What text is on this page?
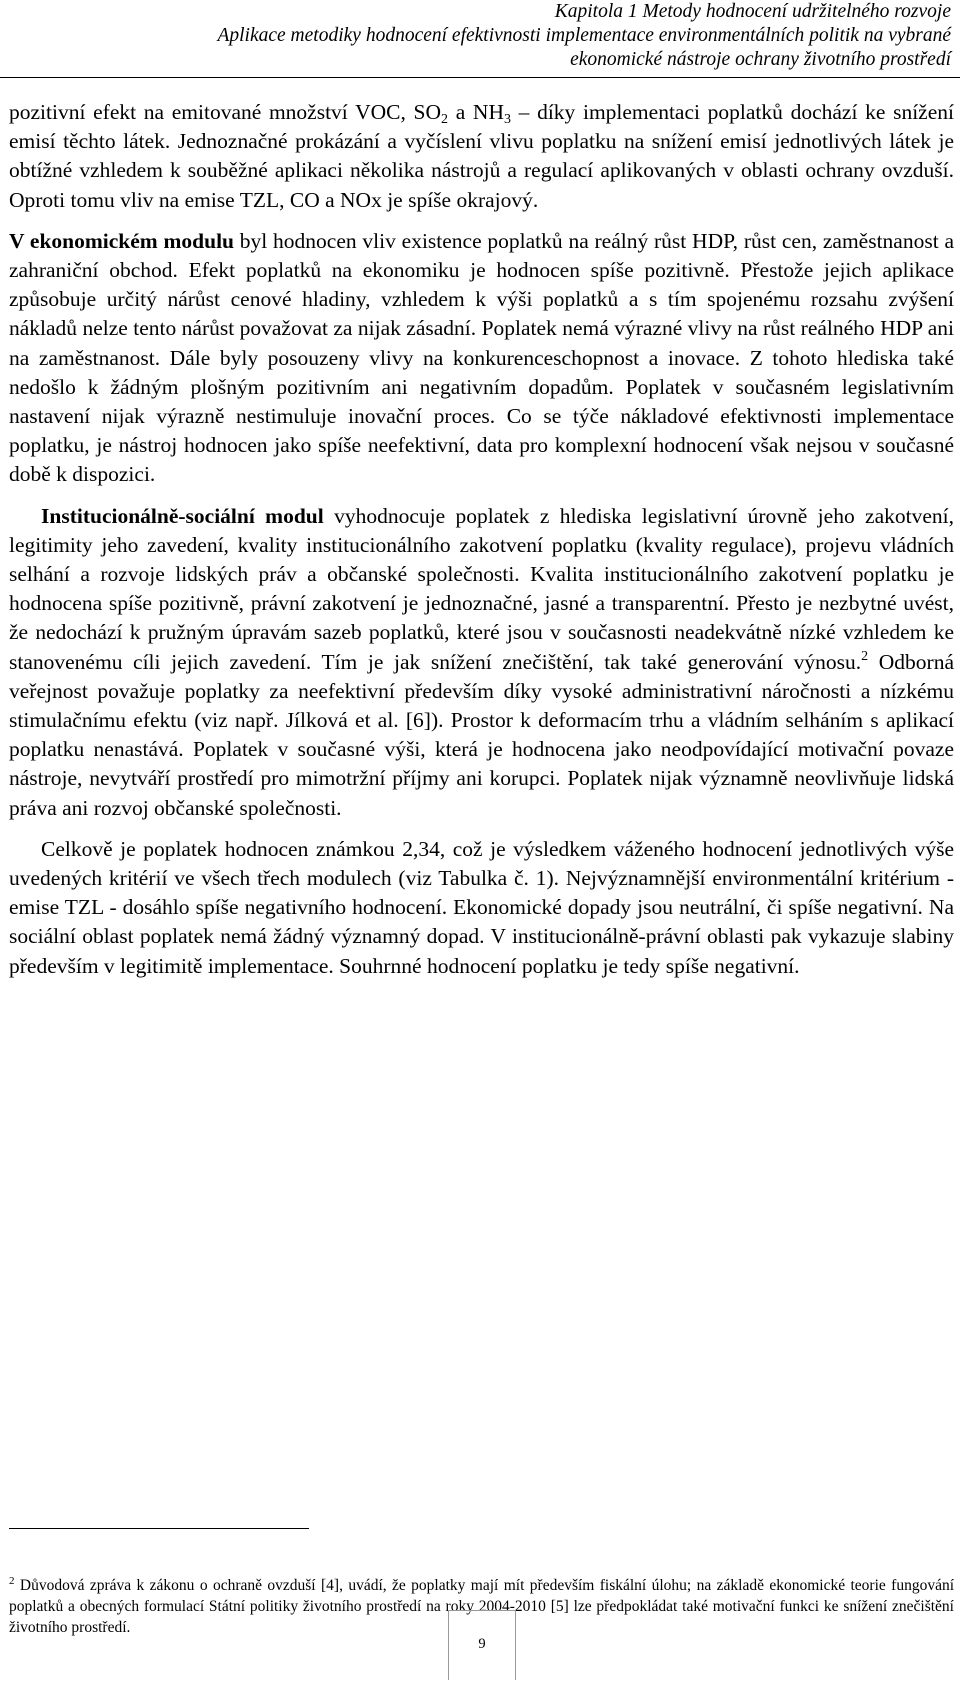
Kapitola 1 Metody hodnocení udržitelného rozvoje
Aplikace metodiky hodnocení efektivnosti implementace environmentálních politik na vybrané
ekonomické nástroje ochrany životního prostředí

pozitivní efekt na emitované množství VOC, $SO_2$ a $NH_3$ – díky implementaci poplatků dochází ke snížení emisí těchto látek. Jednoznačné prokázání a vyčíslení vlivu poplatku na snížení emisí jednotlivých látek je obtížné vzhledem k souběžné aplikaci několika nástrojů a regulací aplikovaných v oblasti ochrany ovzduší. Oproti tomu vliv na emise TZL, CO a NOx je spíše okrajový.

V ekonomickém modulu byl hodnocen vliv existence poplatků na reálný růst HDP, růst cen, zaměstnanost a zahraniční obchod. Efekt poplatků na ekonomiku je hodnocen spíše pozitivně. Přestože jejich aplikace způsobuje určitý nárůst cenové hladiny, vzhledem k výši poplatků a s tím spojenému rozsahu zvýšení nákladů nelze tento nárůst považovat za nijak zásadní. Poplatek nemá výrazné vlivy na růst reálného HDP ani na zaměstnanost. Dále byly posouzeny vlivy na konkurenceschopnost a inovace. Z tohoto hlediska také nedošlo k žádným plošným pozitivním ani negativním dopadům. Poplatek v současném legislativním nastavení nijak výrazně nestimuluje inovační proces. Co se týče nákladové efektivnosti implementace poplatku, je nástroj hodnocen jako spíše neefektivní, data pro komplexní hodnocení však nejsou v současné době k dispozici.

Institucionálně-sociální modul vyhodnocuje poplatek z hlediska legislativní úrovně jeho zakotvení, legitimity jeho zavedení, kvality institucionálního zakotvení poplatku (kvality regulace), projevu vládních selhání a rozvoje lidských práv a občanské společnosti. Kvalita institucionálního zakotvení poplatku je hodnocena spíše pozitivně, právní zakotvení je jednoznačné, jasné a transparentní. Přesto je nezbytné uvést, že nedochází k pružným úpravám sazeb poplatků, které jsou v současnosti neadekvátně nízké vzhledem ke stanovenému cíli jejich zavedení. Tím je jak snížení znečištění, tak také generování výnosu.$^2$ Odborná veřejnost považuje poplatky za neefektivní především díky vysoké administrativní náročnosti a nízkému stimulačnímu efektu (viz např. Jílková et al. [6]). Prostor k deformacím trhu a vládním selháním s aplikací poplatku nenastává. Poplatek v současné výši, která je hodnocena jako neodpovídající motivační povaze nástroje, nevytváří prostředí pro mimotržní příjmy ani korupci. Poplatek nijak významně neovlivňuje lidská práva ani rozvoj občanské společnosti.

Celkově je poplatek hodnocen známkou 2,34, což je výsledkem váženého hodnocení jednotlivých výše uvedených kritérií ve všech třech modulech (viz Tabulka č. 1). Nejvýznamnější environmentální kritérium - emise TZL - dosáhlo spíše negativního hodnocení. Ekonomické dopady jsou neutrální, či spíše negativní. Na sociální oblast poplatek nemá žádný významný dopad. V institucionálně-právní oblasti pak vykazuje slabiny především v legitimitě implementace. Souhrnné hodnocení poplatku je tedy spíše negativní.

$^2$ Důvodová zpráva k zákonu o ochraně ovzduší [4], uvádí, že poplatky mají mít především fiskální úlohu; na základě ekonomické teorie fungování poplatků a obecných formulací Státní politiky životního prostředí na roky 2004-2010 [5] lze předpokládat také motivační funkci ke snížení znečištění životního prostředí.
9
